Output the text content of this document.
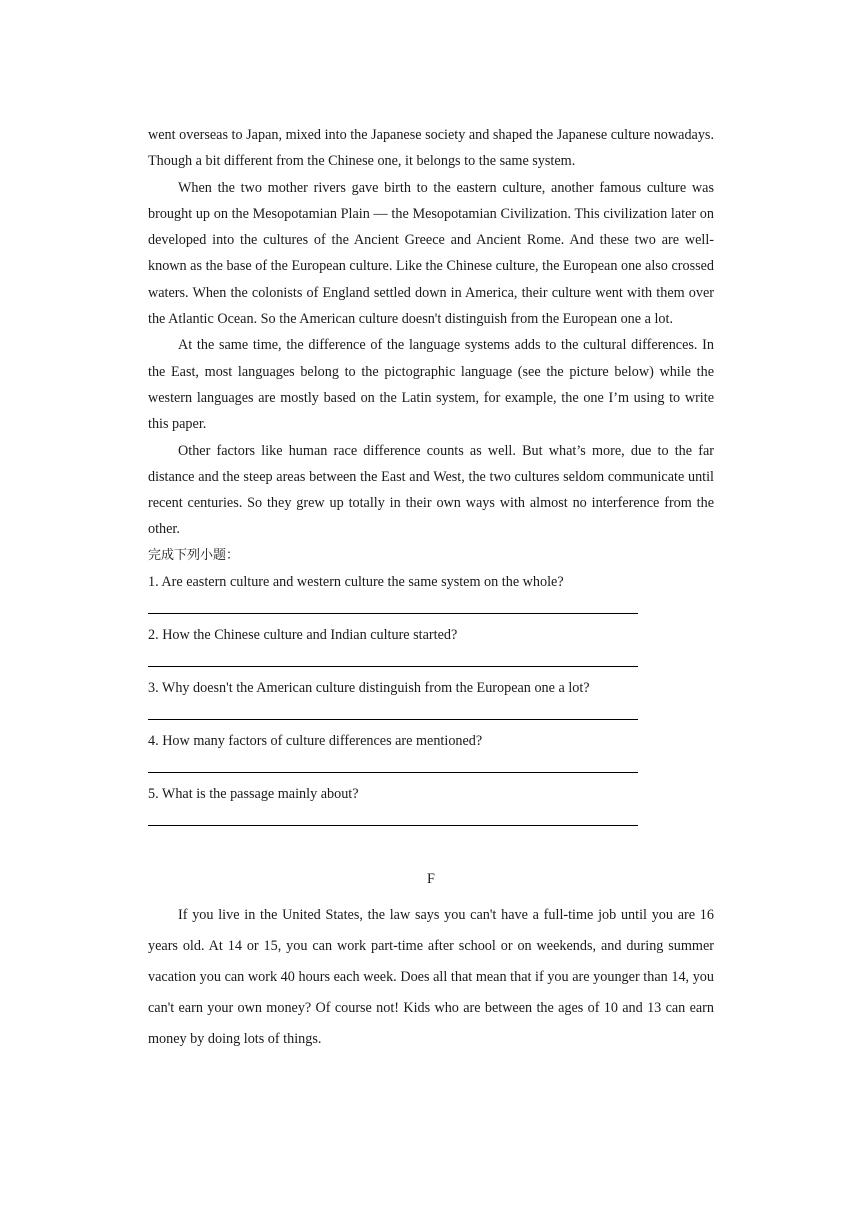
went overseas to Japan, mixed into the Japanese society and shaped the Japanese culture nowadays. Though a bit different from the Chinese one, it belongs to the same system.

When the two mother rivers gave birth to the eastern culture, another famous culture was brought up on the Mesopotamian Plain — the Mesopotamian Civilization. This civilization later on developed into the cultures of the Ancient Greece and Ancient Rome. And these two are well-known as the base of the European culture. Like the Chinese culture, the European one also crossed waters. When the colonists of England settled down in America, their culture went with them over the Atlantic Ocean. So the American culture doesn't distinguish from the European one a lot.

At the same time, the difference of the language systems adds to the cultural differences. In the East, most languages belong to the pictographic language (see the picture below) while the western languages are mostly based on the Latin system, for example, the one I’m using to write this paper.

Other factors like human race difference counts as well. But what’s more, due to the far distance and the steep areas between the East and West, the two cultures seldom communicate until recent centuries. So they grew up totally in their own ways with almost no interference from the other.

完成下列小题：

1. Are eastern culture and western culture the same system on the whole?

2. How the Chinese culture and Indian culture started?

3. Why doesn't the American culture distinguish from the European one a lot?

4. How many factors of culture differences are mentioned?

5. What is the passage mainly about?

F

If you live in the United States, the law says you can't have a full-time job until you are 16 years old. At 14 or 15, you can work part-time after school or on weekends, and during summer vacation you can work 40 hours each week. Does all that mean that if you are younger than 14, you can't earn your own money? Of course not! Kids who are between the ages of 10 and 13 can earn money by doing lots of things.
